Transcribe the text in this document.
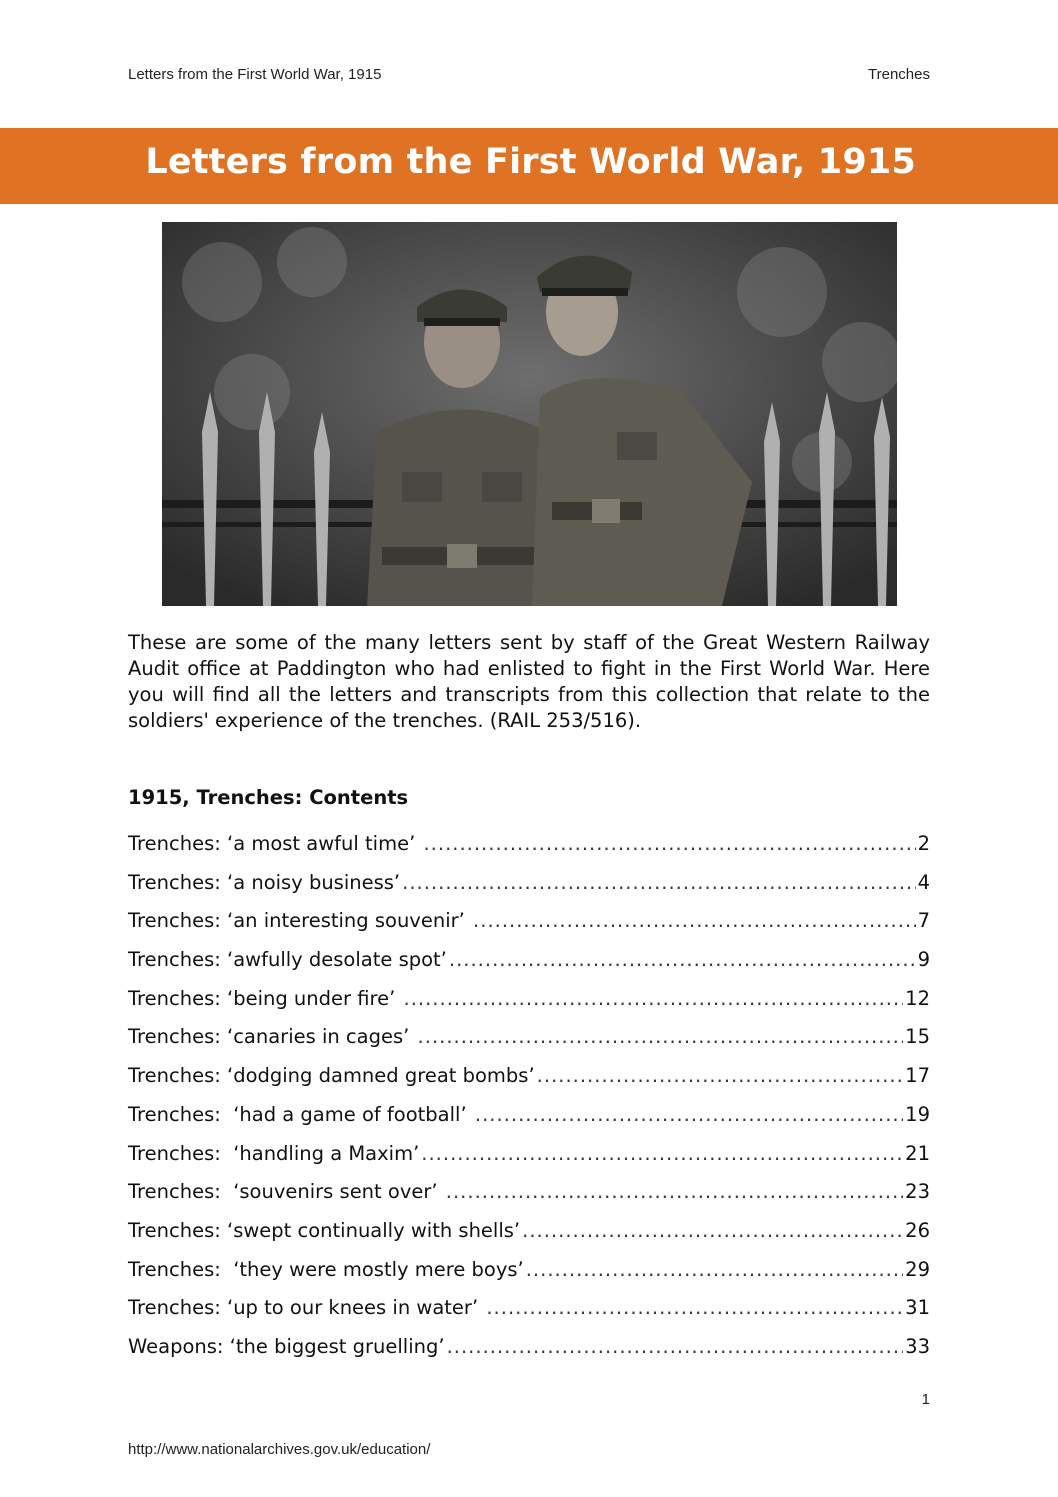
Letters from the First World War, 1915	Trenches
Letters from the First World War, 1915

These are some of the many letters sent by staff of the Great Western Railway Audit office at Paddington who had enlisted to fight in the First World War. Here you will find all the letters and transcripts from this collection that relate to the soldiers' experience of the trenches. (RAIL 253/516).

1915, Trenches: Contents
Trenches: ‘a most awful time’ .....	2
Trenches: ‘a noisy business’ .....	4
Trenches: ‘an interesting souvenir’ .....	7
Trenches: ‘awfully desolate spot’ .....	9
Trenches: ‘being under fire’ .....	12
Trenches: ‘canaries in cages’ .....	15
Trenches: ‘dodging damned great bombs’ .....	17
Trenches:  ‘had a game of football’ .....	19
Trenches:  ‘handling a Maxim’ .....	21
Trenches:  ‘souvenirs sent over’ .....	23
Trenches: ‘swept continually with shells’ .....	26
Trenches:  ‘they were mostly mere boys’ .....	29
Trenches: ‘up to our knees in water’ .....	31
Weapons: ‘the biggest gruelling’ .....	33
1
http://www.nationalarchives.gov.uk/education/
